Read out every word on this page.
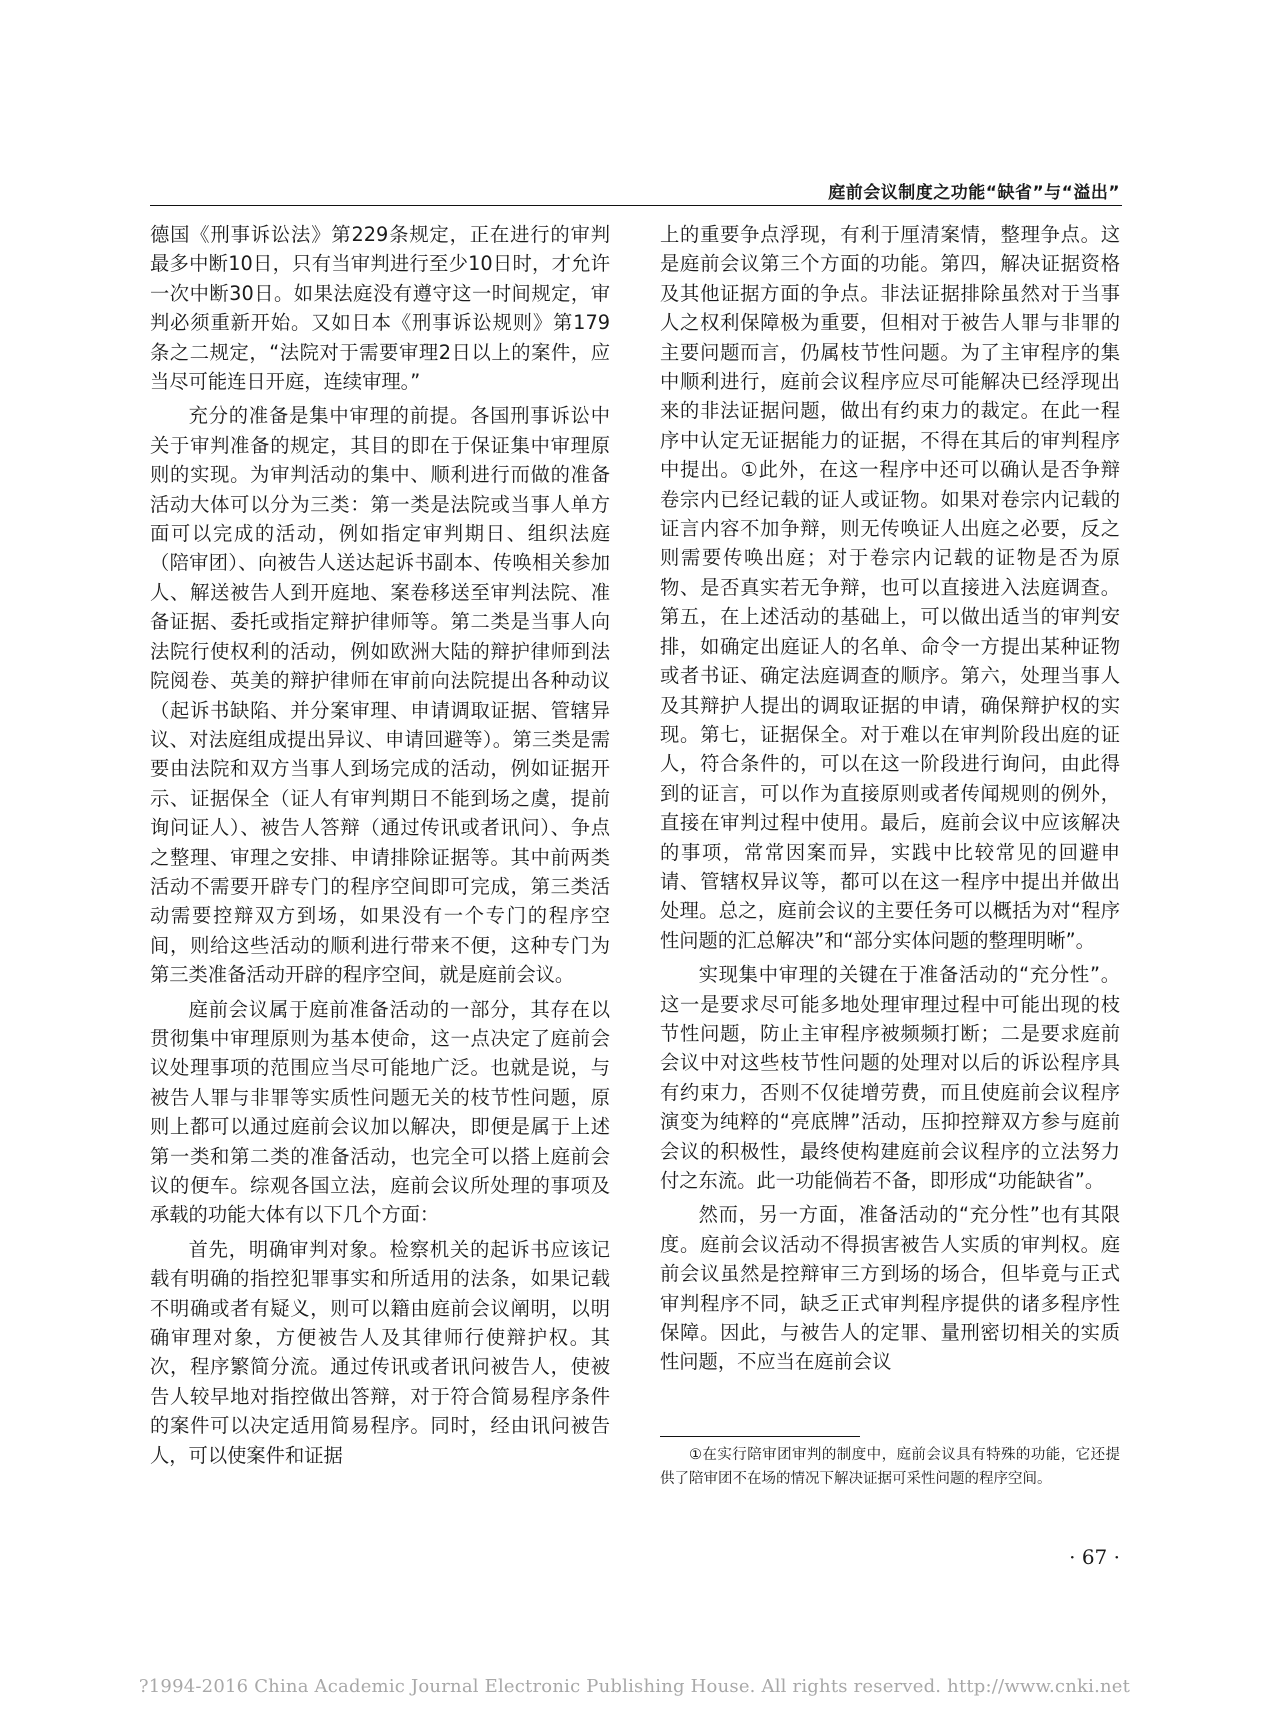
庭前会议制度之功能“缺省”与“溢出”

德国《刑事诉讼法》第229条规定，正在进行的审判最多中断10日，只有当审判进行至少10日时，才允许一次中断30日。如果法庭没有遵守这一时间规定，审判必须重新开始。又如日本《刑事诉讼规则》第179条之二规定，“法院对于需要审理2日以上的案件，应当尽可能连日开庭，连续审理。”

充分的准备是集中审理的前提。各国刑事诉讼中关于审判准备的规定，其目的即在于保证集中审理原则的实现。为审判活动的集中、顺利进行而做的准备活动大体可以分为三类：第一类是法院或当事人单方面可以完成的活动，例如指定审判期日、组织法庭（陪审团）、向被告人送达起诉书副本、传唤相关参加人、解送被告人到开庭地、案卷移送至审判法院、准备证据、委托或指定辩护律师等。第二类是当事人向法院行使权利的活动，例如欧洲大陆的辩护律师到法院阅卷、英美的辩护律师在审前向法院提出各种动议（起诉书缺陷、并分案审理、申请调取证据、管辖异议、对法庭组成提出异议、申请回避等）。第三类是需要由法院和双方当事人到场完成的活动，例如证据开示、证据保全（证人有审判期日不能到场之虞，提前询问证人）、被告人答辩（通过传讯或者讯问）、争点之整理、审理之安排、申请排除证据等。其中前两类活动不需要开辟专门的程序空间即可完成，第三类活动需要控辩双方到场，如果没有一个专门的程序空间，则给这些活动的顺利进行带来不便，这种专门为第三类准备活动开辟的程序空间，就是庭前会议。

庭前会议属于庭前准备活动的一部分，其存在以贯彻集中审理原则为基本使命，这一点决定了庭前会议处理事项的范围应当尽可能地广泛。也就是说，与被告人罪与非罪等实质性问题无关的枝节性问题，原则上都可以通过庭前会议加以解决，即便是属于上述第一类和第二类的准备活动，也完全可以搭上庭前会议的便车。综观各国立法，庭前会议所处理的事项及承载的功能大体有以下几个方面：

首先，明确审判对象。检察机关的起诉书应该记载有明确的指控犯罪事实和所适用的法条，如果记载不明确或者有疑义，则可以籍由庭前会议阐明，以明确审理对象，方便被告人及其律师行使辩护权。其次，程序繁简分流。通过传讯或者讯问被告人，使被告人较早地对指控做出答辩，对于符合简易程序条件的案件可以决定适用简易程序。同时，经由讯问被告人，可以使案件和证据

上的重要争点浮现，有利于厘清案情，整理争点。这是庭前会议第三个方面的功能。第四，解决证据资格及其他证据方面的争点。非法证据排除虽然对于当事人之权利保障极为重要，但相对于被告人罪与非罪的主要问题而言，仍属枝节性问题。为了主审程序的集中顺利进行，庭前会议程序应尽可能解决已经浮现出来的非法证据问题，做出有约束力的裁定。在此一程序中认定无证据能力的证据，不得在其后的审判程序中提出。①此外，在这一程序中还可以确认是否争辩卷宗内已经记载的证人或证物。如果对卷宗内记载的证言内容不加争辩，则无传唤证人出庭之必要，反之则需要传唤出庭；对于卷宗内记载的证物是否为原物、是否真实若无争辩，也可以直接进入法庭调查。第五，在上述活动的基础上，可以做出适当的审判安排，如确定出庭证人的名单、命令一方提出某种证物或者书证、确定法庭调查的顺序。第六，处理当事人及其辩护人提出的调取证据的申请，确保辩护权的实现。第七，证据保全。对于难以在审判阶段出庭的证人，符合条件的，可以在这一阶段进行询问，由此得到的证言，可以作为直接原则或者传闻规则的例外，直接在审判过程中使用。最后，庭前会议中应该解决的事项，常常因案而异，实践中比较常见的回避申请、管辖权异议等，都可以在这一程序中提出并做出处理。总之，庭前会议的主要任务可以概括为对“程序性问题的汇总解决”和“部分实体问题的整理明晰”。

实现集中审理的关键在于准备活动的“充分性”。这一是要求尽可能多地处理审理过程中可能出现的枝节性问题，防止主审程序被频频打断；二是要求庭前会议中对这些枝节性问题的处理对以后的诉讼程序具有约束力，否则不仅徒增劳费，而且使庭前会议程序演变为纯粹的“亮底牌”活动，压抑控辩双方参与庭前会议的积极性，最终使构建庭前会议程序的立法努力付之东流。此一功能倘若不备，即形成“功能缺省”。

然而，另一方面，准备活动的“充分性”也有其限度。庭前会议活动不得损害被告人实质的审判权。庭前会议虽然是控辩审三方到场的场合，但毕竟与正式审判程序不同，缺乏正式审判程序提供的诸多程序性保障。因此，与被告人的定罪、量刑密切相关的实质性问题，不应当在庭前会议

①在实行陪审团审判的制度中，庭前会议具有特殊的功能，它还提供了陪审团不在场的情况下解决证据可采性问题的程序空间。

· 67 ·
?1994-2016 China Academic Journal Electronic Publishing House. All rights reserved. http://www.cnki.net
